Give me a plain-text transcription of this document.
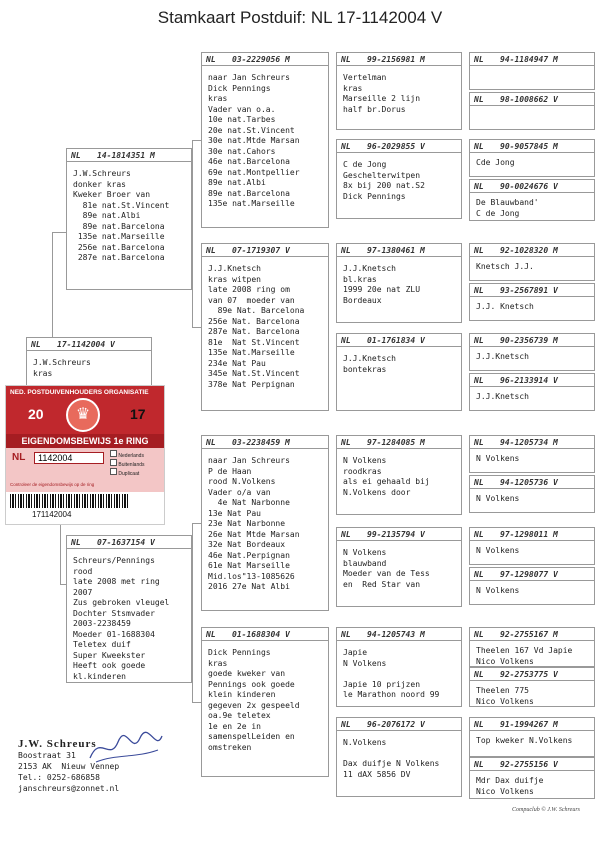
Stamkaart Postduif: NL 17-1142004 V
NL 17-1142004 V
J.W.Schreurs
kras
NL 14-1814351 M
J.W.Schreurs
donker kras
Kweker Broer van
81e nat.St.Vincent
89e nat.Albi
89e nat.Barcelona
135e nat.Marseille
256e nat.Barcelona
287e nat.Barcelona
NL 07-1637154 V
Schreurs/Pennings
rood
late 2008 met ring
2007
Zus gebroken vleugel
Dochter Stsmvader
2003-2238459
Moeder 01-1688304
Teletex duif
Super Kweekster
Heeft ook goede
kl.kinderen
NL 03-2229056 M
naar Jan Schreurs
Dick Pennings
kras
Vader van o.a.
10e nat.Tarbes
20e nat.St.Vincent
30e nat.Mtde Marsan
30e nat.Cahors
46e nat.Barcelona
69e nat.Montpellier
89e nat.Albi
89e nat.Barcelona
135e nat.Marseille
NL 07-1719307 V
J.J.Knetsch
kras witpen
late 2008 ring om
van 07  moeder van
89e Nat. Barcelona
256e Nat. Barcelona
287e Nat. Barcelona
81e  Nat St.Vincent
135e Nat.Marseille
234e Nat Pau
345e Nat.St.Vincent
378e Nat Perpignan
NL 03-2238459 M
naar Jan Schreurs
P de Haan
rood N.Volkens
Vader o/a van
4e Nat Narbonne
13e Nat Pau
23e Nat Narbonne
26e Nat Mtde Marsan
32e Nat Bordeaux
46e Nat.Perpignan
61e Nat Marseille
Mid.los"13-1085626
2016 27e Nat Albi
NL 01-1688304 V
Dick Pennings
kras
goede kweker van
Pennings ook goede
klein kinderen
gegeven 2x gespeeld
oa.9e teletex
1e en 2e in
samenspelLeiden en
omstreken
NL 99-2156981 M
Vertelman
kras
Marseille 2 lijn
half br.Dorus
NL 96-2029855 V
C de Jong
Geschelterwitpen
8x bij 200 nat.S2
Dick Pennings
NL 97-1380461 M
J.J.Knetsch
bl.kras
1999 20e nat ZLU
Bordeaux
NL 01-1761834 V
J.J.Knetsch
bontekras
NL 97-1284085 M
N Volkens
roodkras
als ei gehaald bij
N.Volkens door
NL 99-2135794 V
N Volkens
blauwband
Moeder van de Tess
en  Red Star van
NL 94-1205743 M
Japie
N Volkens
Japie 10 prijzen
le Marathon noord 99
NL 96-2076172 V
N.Volkens
Dax duifje N Volkens
11 dAX 5856 DV
NL 94-1184947 M
NL 98-1008662 V
NL 90-9057845 M
Cde Jong
NL 90-0024676 V
De Blauwband'
C de Jong
NL 92-1028320 M
Knetsch J.J.
NL 93-2567891 V
J.J. Knetsch
NL 90-2356739 M
J.J.Knetsch
NL 96-2133914 V
J.J.Knetsch
NL 94-1205734 M
N Volkens
NL 94-1205736 V
N Volkens
NL 97-1298011 M
N Volkens
NL 97-1298077 V
N Volkens
NL 92-2755167 M
Theelen 167 Vd Japie
Nico Volkens
NL 92-2753775 V
Theelen 775
Nico Volkens
NL 91-1994267 M
Top kweker N.Volkens
NL 92-2755156 V
Mdr Dax duifje
Nico Volkens
NED. POSTDUIVENHOUDERS ORGANISATIE
20	♛	17
EIGENDOMSBEWIJS 1e RING
NL	1142004	Nederlands
Buitenlands
Duplicaat
Controleer de eigendomsbewijs op de ring
171142004
J.W. Schreurs
Boostraat 31
2153 AK  Nieuw Vennep
Tel.: 0252-686858
janschreurs@zonnet.nl
Compuclub © J.W. Schreurs
